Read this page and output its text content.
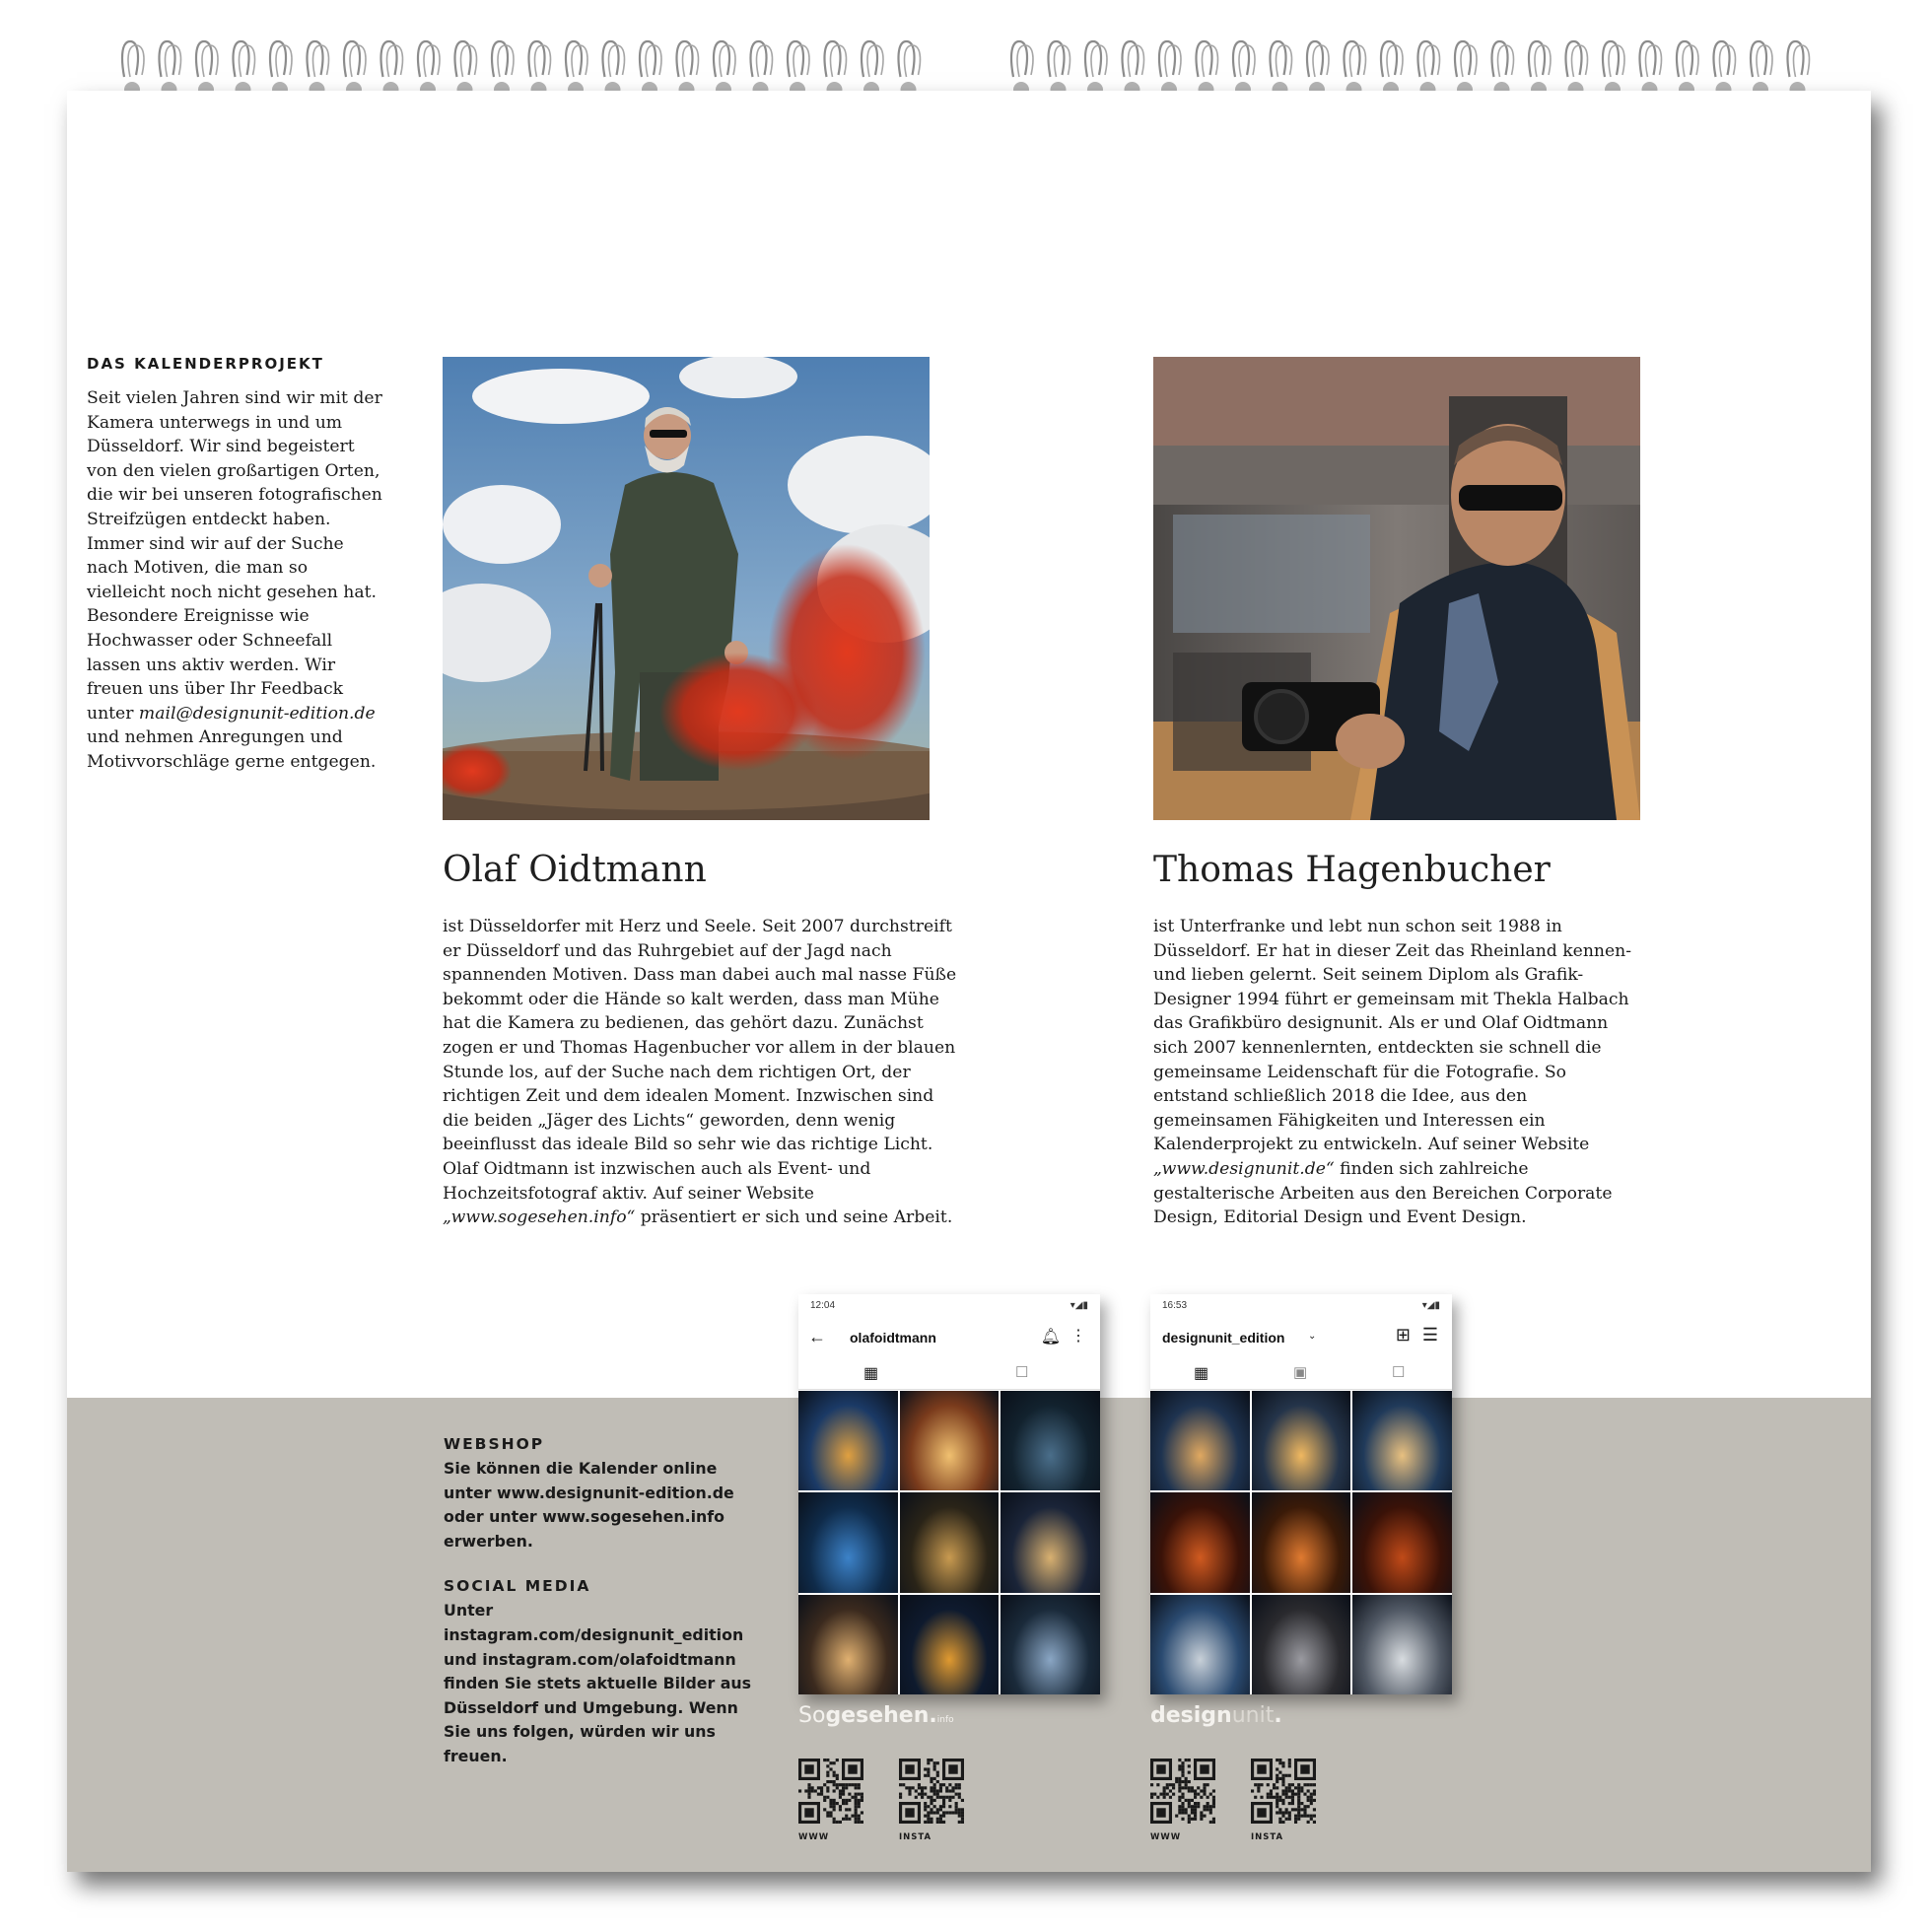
DAS KALENDERPROJEKT

Seit vielen Jahren sind wir mit der Kamera unterwegs in und um Düsseldorf. Wir sind begeistert von den vielen großartigen Orten, die wir bei unseren fotografischen Streifzügen entdeckt haben. Immer sind wir auf der Suche nach Motiven, die man so vielleicht noch nicht gesehen hat. Besondere Ereignisse wie Hochwasser oder Schneefall lassen uns aktiv werden. Wir freuen uns über Ihr Feedback unter mail@designunit-edition.de und nehmen Anregungen und Motivvorschläge gerne entgegen.

Olaf Oidtmann

ist Düsseldorfer mit Herz und Seele. Seit 2007 durchstreift er Düsseldorf und das Ruhrgebiet auf der Jagd nach spannenden Motiven. Dass man dabei auch mal nasse Füße bekommt oder die Hände so kalt werden, dass man Mühe hat die Kamera zu bedienen, das gehört dazu. Zunächst zogen er und Thomas Hagenbucher vor allem in der blauen Stunde los, auf der Suche nach dem richtigen Ort, der richtigen Zeit und dem idealen Moment. Inzwischen sind die beiden „Jäger des Lichts“ geworden, denn wenig beeinflusst das ideale Bild so sehr wie das richtige Licht. Olaf Oidtmann ist inzwischen auch als Event- und Hochzeitsfotograf aktiv. Auf seiner Website „www.sogesehen.info“ präsentiert er sich und seine Arbeit.

Thomas Hagenbucher

ist Unterfranke und lebt nun schon seit 1988 in Düsseldorf. Er hat in dieser Zeit das Rheinland kennen- und lieben gelernt. Seit seinem Diplom als Grafik-Designer 1994 führt er gemeinsam mit Thekla Halbach das Grafikbüro designunit. Als er und Olaf Oidtmann sich 2007 kennenlernten, entdeckten sie schnell die gemeinsame Leidenschaft für die Fotografie. So entstand schließlich 2018 die Idee, aus den gemeinsamen Fähigkeiten und Interessen ein Kalenderprojekt zu entwickeln. Auf seiner Website „www.designunit.de“ finden sich zahlreiche gestalterische Arbeiten aus den Bereichen Corporate Design, Editorial Design und Event Design.

WEBSHOP

Sie können die Kalender online unter www.designunit-edition.de oder unter www.sogesehen.info erwerben.

SOCIAL MEDIA

Unter instagram.com/designunit_edition und instagram.com/olafoidtmann finden Sie stets aktuelle Bilder aus Düsseldorf und Umgebung. Wenn Sie uns folgen, würden wir uns freuen.

12:04	▾◢▮
← olafoidtmann	🔔︎ ⋮
▦	☐
16:53	▾◢▮
designunit_edition ⌄	⊞ ☰
▦	▣	☐
Sogesehen.info	designunit.
WWW	INSTA	WWW	INSTA
